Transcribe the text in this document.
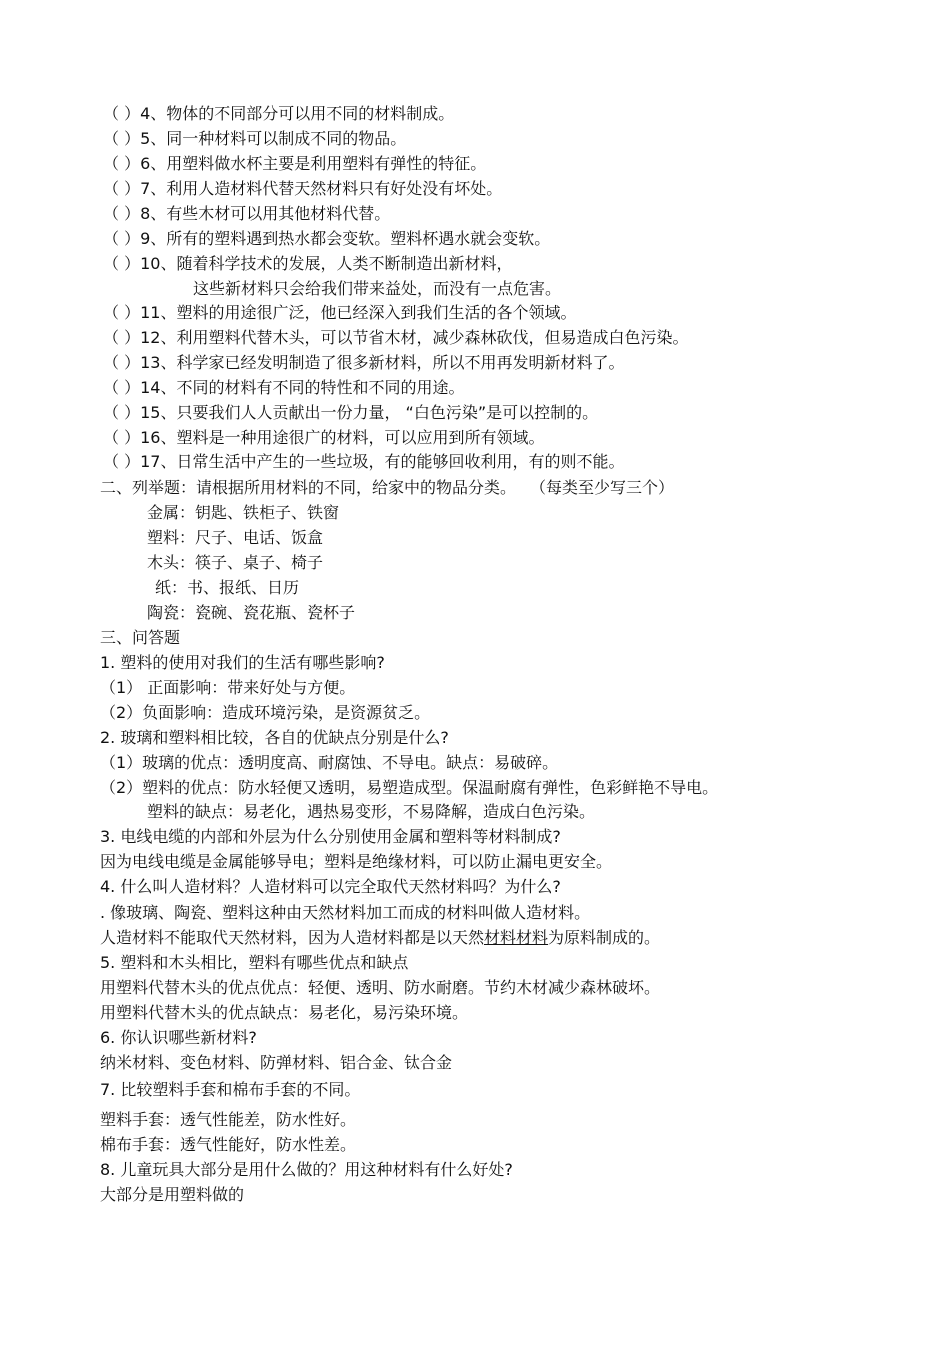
（ ）4、物体的不同部分可以用不同的材料制成。
（ ）5、同一种材料可以制成不同的物品。
（ ）6、用塑料做水杯主要是利用塑料有弹性的特征。
（ ）7、利用人造材料代替天然材料只有好处没有坏处。
（ ）8、有些木材可以用其他材料代替。
（ ）9、所有的塑料遇到热水都会变软。塑料杯遇水就会变软。
（ ）10、随着科学技术的发展，人类不断制造出新材料，
这些新材料只会给我们带来益处，而没有一点危害。
（ ）11、塑料的用途很广泛，他已经深入到我们生活的各个领域。
（ ）12、利用塑料代替木头，可以节省木材，减少森林砍伐，但易造成白色污染。
（ ）13、科学家已经发明制造了很多新材料，所以不用再发明新材料了。
（ ）14、不同的材料有不同的特性和不同的用途。
（ ）15、只要我们人人贡献出一份力量， “白色污染”是可以控制的。
（ ）16、塑料是一种用途很广的材料，可以应用到所有领域。
（ ）17、日常生活中产生的一些垃圾，有的能够回收利用，有的则不能。
二、列举题：请根据所用材料的不同，给家中的物品分类。 （每类至少写三个）
金属：钥匙、铁柜子、铁窗
塑料：尺子、电话、饭盒
木头：筷子、桌子、椅子
纸：书、报纸、日历
陶瓷：瓷碗、瓷花瓶、瓷杯子
三、问答题
1. 塑料的使用对我们的生活有哪些影响?
（1） 正面影响：带来好处与方便。
（2）负面影响：造成环境污染，是资源贫乏。
2. 玻璃和塑料相比较，各自的优缺点分别是什么?
（1）玻璃的优点：透明度高、耐腐蚀、不导电。缺点：易破碎。
（2）塑料的优点：防水轻便又透明，易塑造成型。保温耐腐有弹性，色彩鲜艳不导电。
塑料的缺点：易老化，遇热易变形，不易降解，造成白色污染。
3. 电线电缆的内部和外层为什么分别使用金属和塑料等材料制成?
因为电线电缆是金属能够导电；塑料是绝缘材料，可以防止漏电更安全。
4. 什么叫人造材料？人造材料可以完全取代天然材料吗？为什么?
. 像玻璃、陶瓷、塑料这种由天然材料加工而成的材料叫做人造材料。
人造材料不能取代天然材料，因为人造材料都是以天然材料材料为原料制成的。
5. 塑料和木头相比，塑料有哪些优点和缺点
用塑料代替木头的优点优点：轻便、透明、防水耐磨。节约木材减少森林破坏。
用塑料代替木头的优点缺点：易老化，易污染环境。
6. 你认识哪些新材料?
纳米材料、变色材料、防弹材料、铝合金、钛合金
7. 比较塑料手套和棉布手套的不同。
塑料手套：透气性能差，防水性好。
棉布手套：透气性能好，防水性差。
8. 儿童玩具大部分是用什么做的？用这种材料有什么好处?
大部分是用塑料做的
